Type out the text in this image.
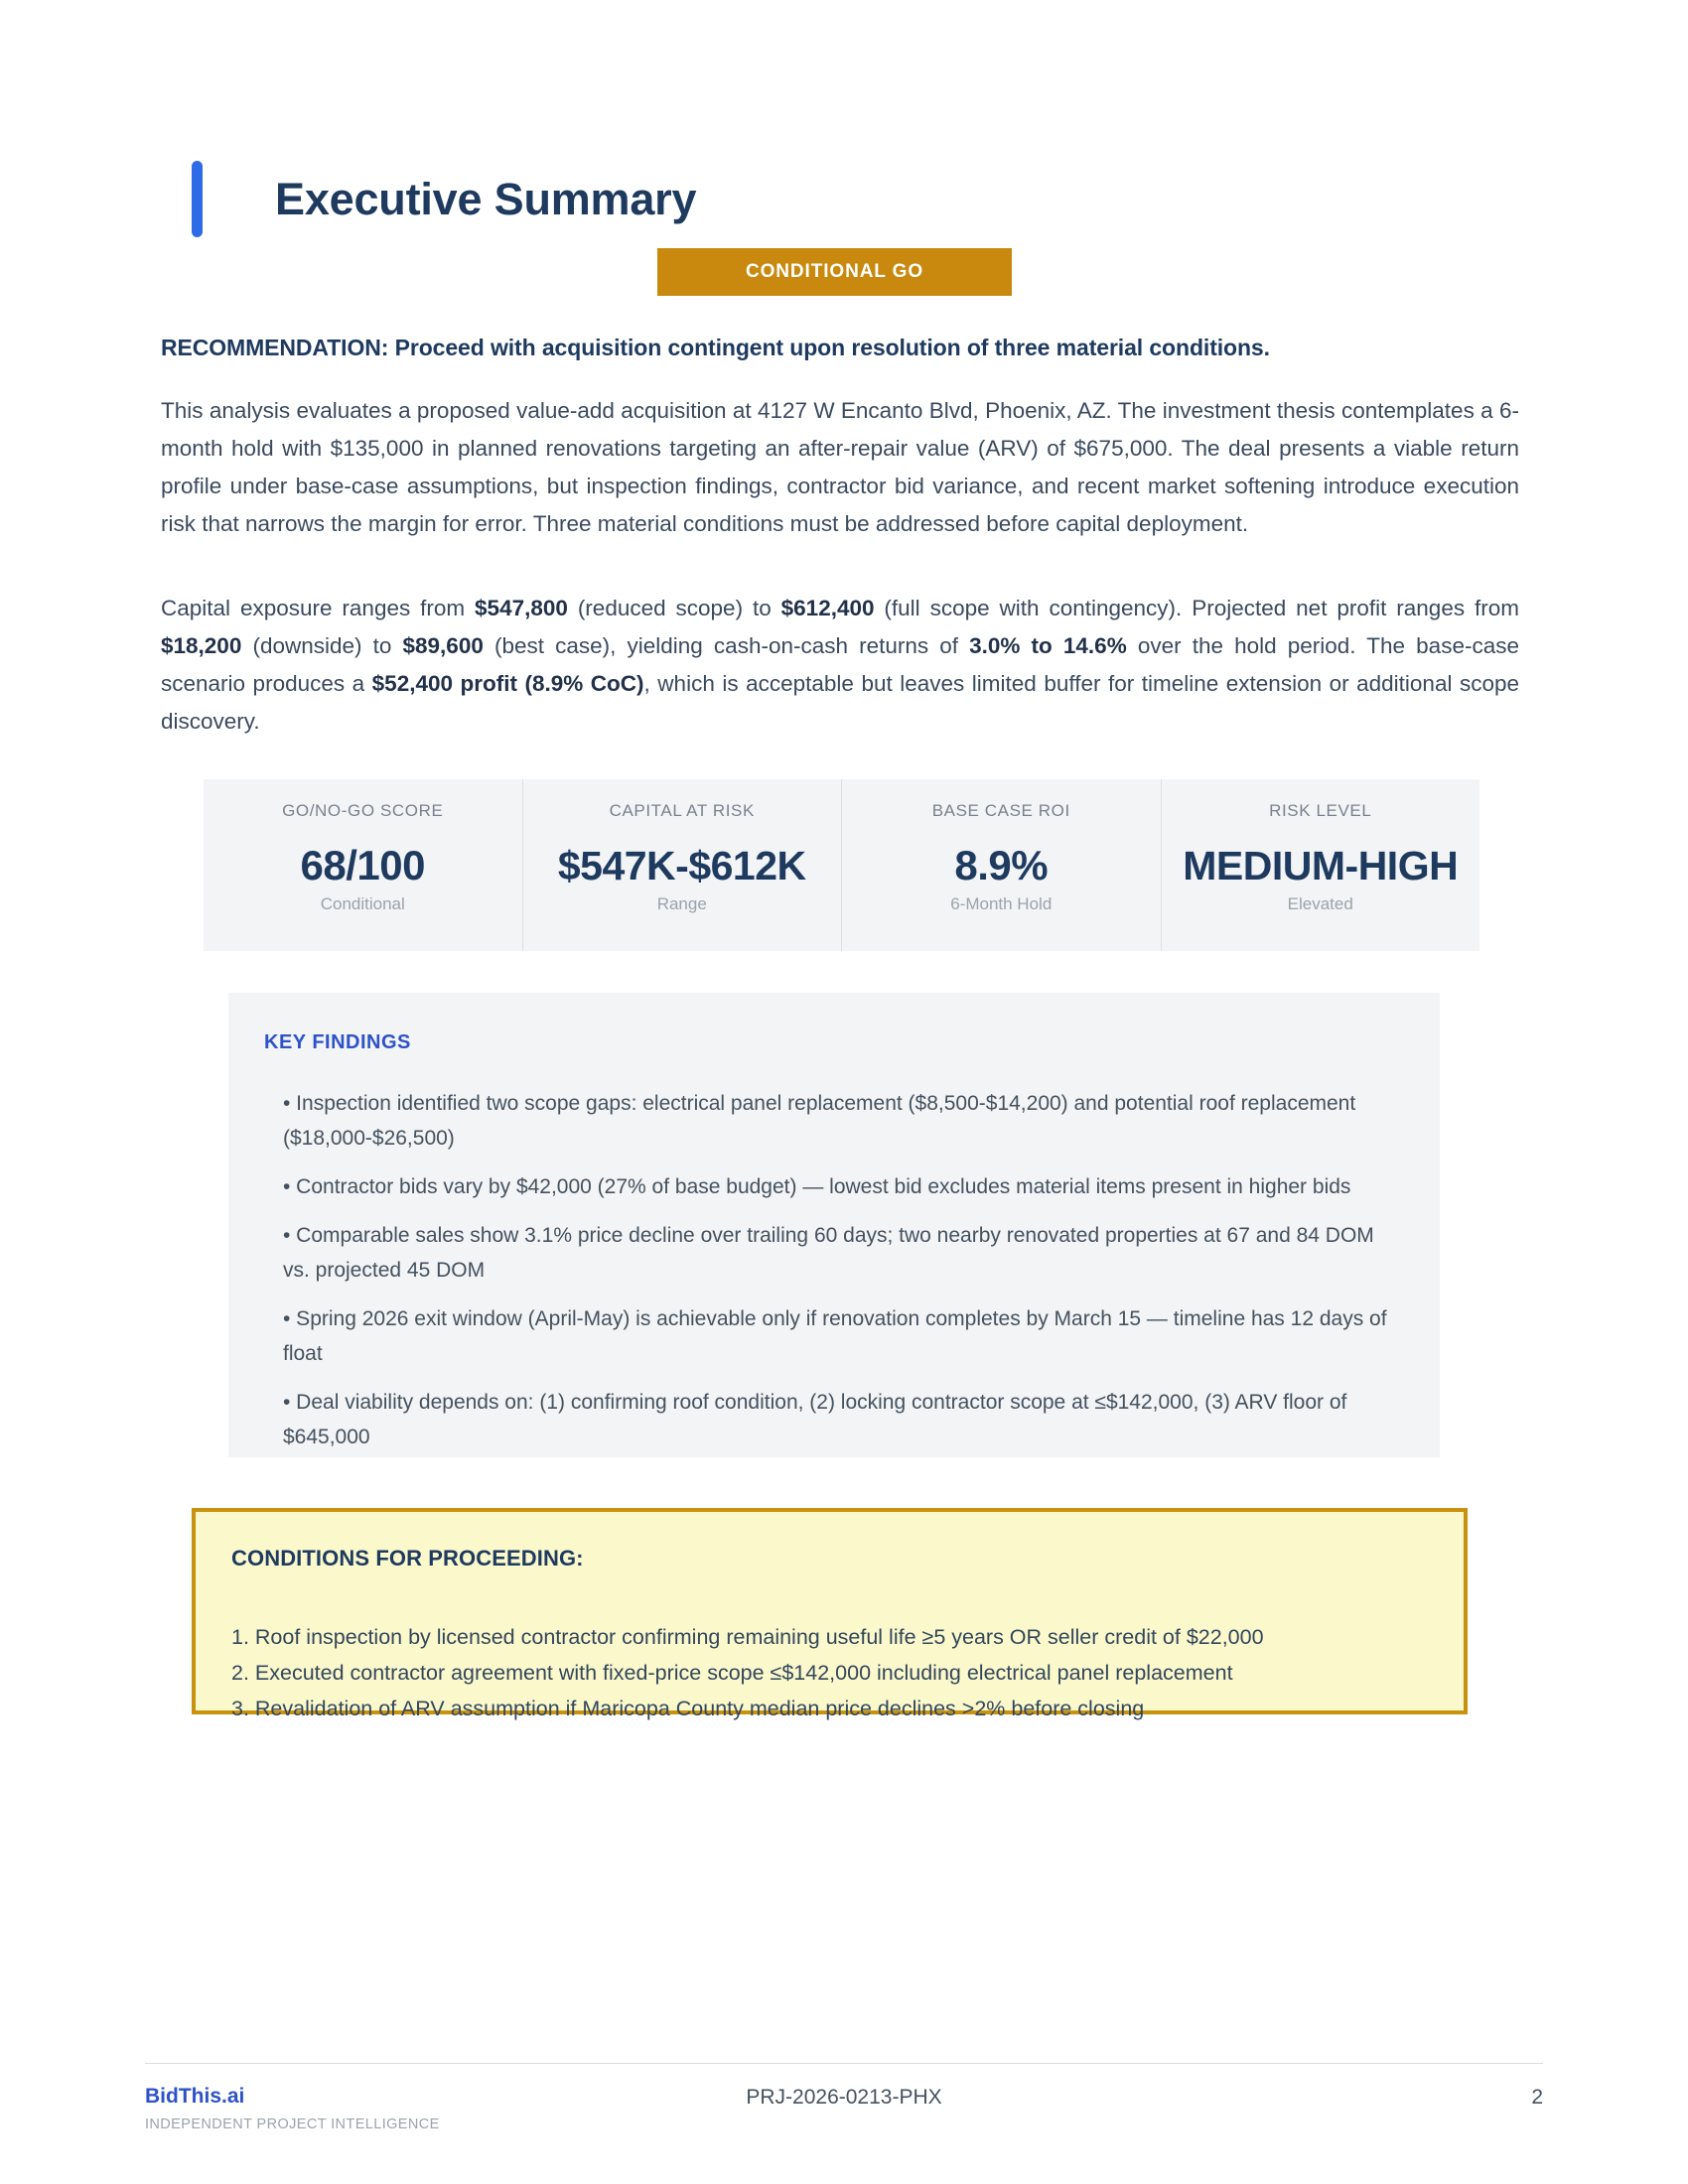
Executive Summary
CONDITIONAL GO
RECOMMENDATION: Proceed with acquisition contingent upon resolution of three material conditions.
This analysis evaluates a proposed value-add acquisition at 4127 W Encanto Blvd, Phoenix, AZ. The investment thesis contemplates a 6-month hold with $135,000 in planned renovations targeting an after-repair value (ARV) of $675,000. The deal presents a viable return profile under base-case assumptions, but inspection findings, contractor bid variance, and recent market softening introduce execution risk that narrows the margin for error. Three material conditions must be addressed before capital deployment.
Capital exposure ranges from $547,800 (reduced scope) to $612,400 (full scope with contingency). Projected net profit ranges from $18,200 (downside) to $89,600 (best case), yielding cash-on-cash returns of 3.0% to 14.6% over the hold period. The base-case scenario produces a $52,400 profit (8.9% CoC), which is acceptable but leaves limited buffer for timeline extension or additional scope discovery.
GO/NO-GO SCORE
68/100
Conditional
CAPITAL AT RISK
$547K-$612K
Range
BASE CASE ROI
8.9%
6-Month Hold
RISK LEVEL
MEDIUM-HIGH
Elevated
KEY FINDINGS
• Inspection identified two scope gaps: electrical panel replacement ($8,500-$14,200) and potential roof replacement ($18,000-$26,500)
• Contractor bids vary by $42,000 (27% of base budget) — lowest bid excludes material items present in higher bids
• Comparable sales show 3.1% price decline over trailing 60 days; two nearby renovated properties at 67 and 84 DOM vs. projected 45 DOM
• Spring 2026 exit window (April-May) is achievable only if renovation completes by March 15 — timeline has 12 days of float
• Deal viability depends on: (1) confirming roof condition, (2) locking contractor scope at ≤$142,000, (3) ARV floor of $645,000
CONDITIONS FOR PROCEEDING:
1. Roof inspection by licensed contractor confirming remaining useful life ≥5 years OR seller credit of $22,000
2. Executed contractor agreement with fixed-price scope ≤$142,000 including electrical panel replacement
3. Revalidation of ARV assumption if Maricopa County median price declines >2% before closing
BidThis.ai
INDEPENDENT PROJECT INTELLIGENCE
PRJ-2026-0213-PHX	2
